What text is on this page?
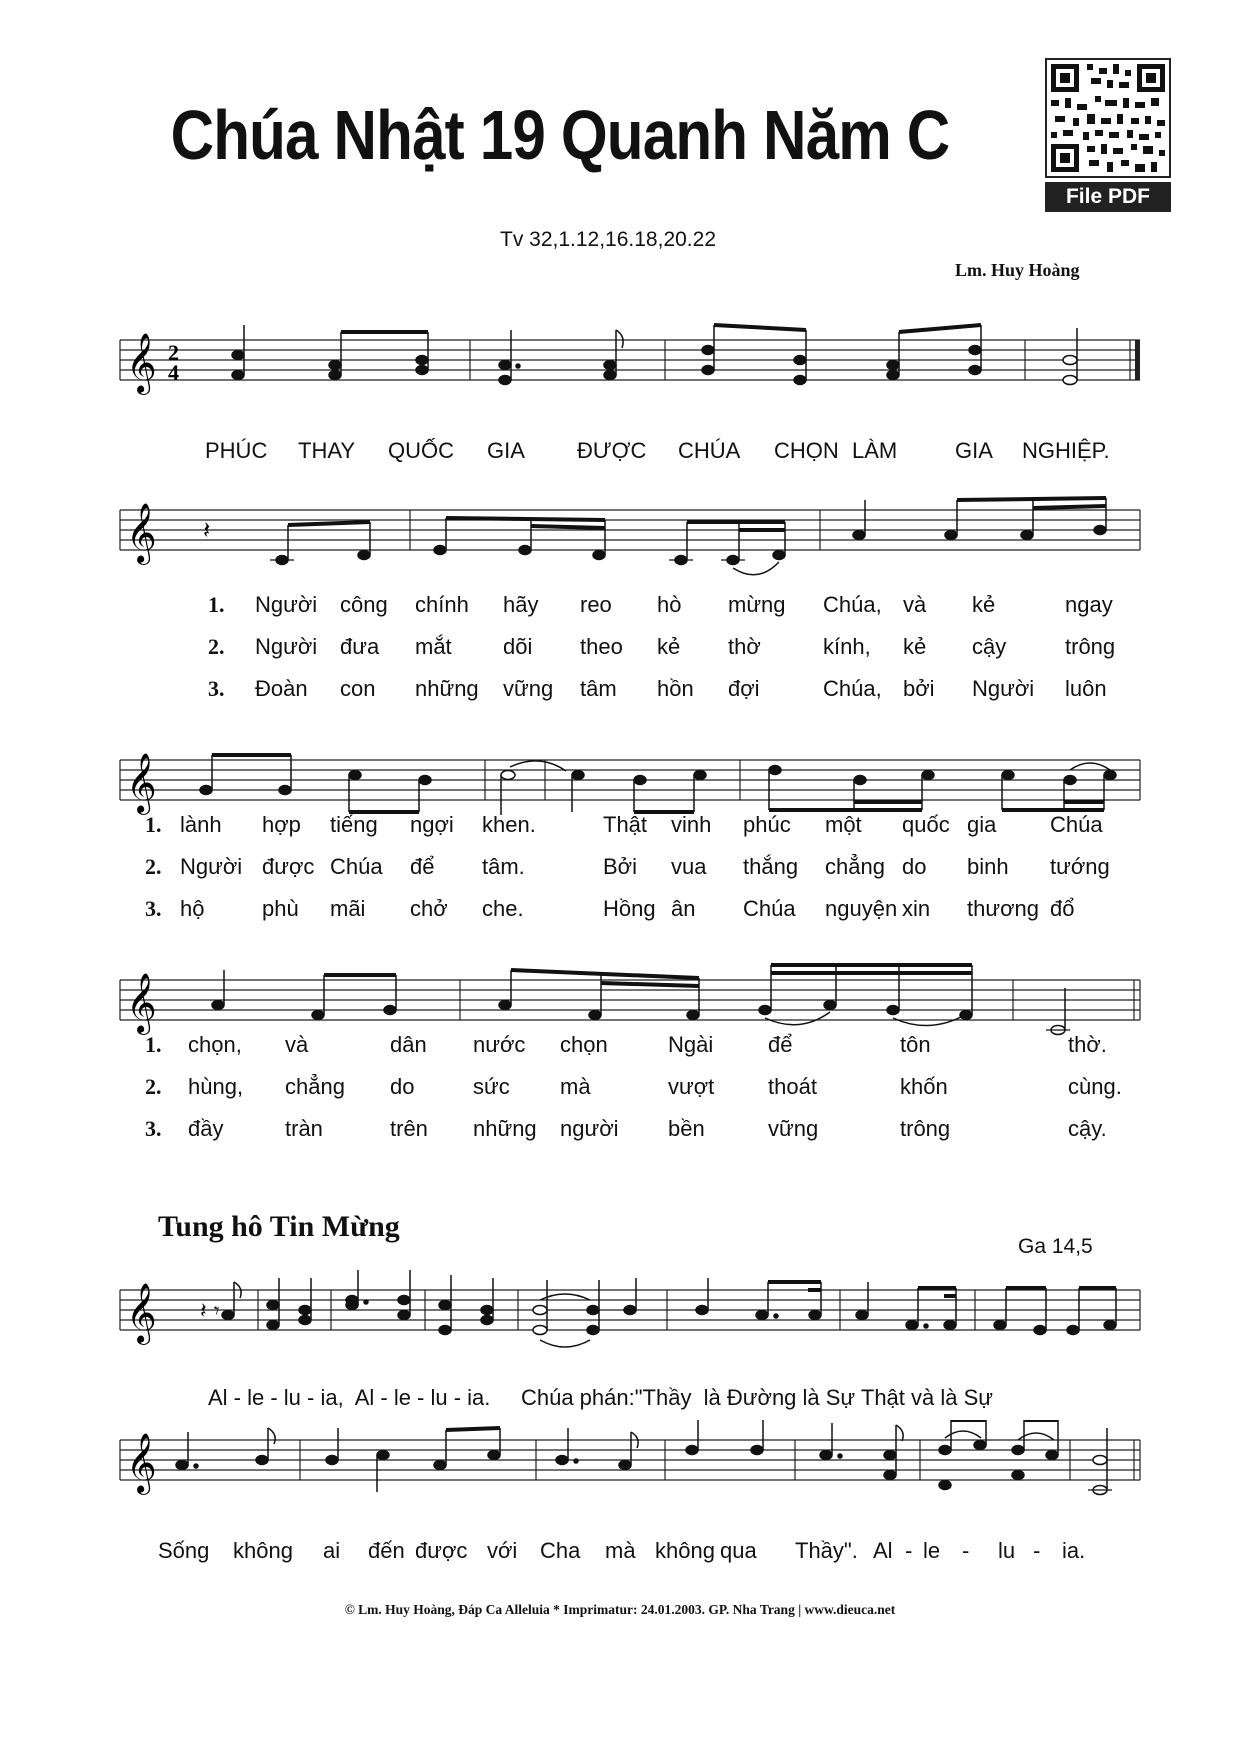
Chúa Nhật 19 Quanh Năm C
File PDF
Tv 32,1.12,16.18,20.22
Lm. Huy Hoàng
𝄞 2
4
PHÚC THAY QUỐC GIA ĐƯỢC CHÚA CHỌN LÀM	GIA NGHIỆP.
𝄞 𝄽
1.
2.
3.
Người công chính hãy reo hò mừng Chúa, và kẻ	ngay
Người đưa mắt dõi theo kẻ thờ	kính, kẻ cậy	trông
Đoàn con những vững tâm hồn đợi	Chúa, bởi Người luôn
𝄞
lành hợp tiếng ngợi khen.	Thật vinh phúc một quốc gia Chúa
Người được Chúa để tâm.	Bởi vua thắng chẳng do binh tướng
hộ	phù mãi chở che.	Hồng ân Chúa nguyện xin thương đổ
1.
2.
3.
𝄞
chọn, và	dân nước chọn	Ngài để	tôn	thờ.
hùng, chẳng do	sức mà	vượt thoát	khốn	cùng.
đầy	tràn	trên những người bền	vững	trông	cậy.
1.
2.
3.
Tung hô Tin Mừng
Ga 14,5
𝄞 𝄽 𝄾
Al - le - lu - ia,  Al - le - lu - ia.     Chúa phán:"Thầy  là Đường là Sự Thật và là Sự
𝄞
Sống không ai đến được với Cha mà không qua Thầy". Al - le - lu - ia.
© Lm. Huy Hoàng, Đáp Ca Alleluia * Imprimatur: 24.01.2003. GP. Nha Trang | www.dieuca.net
